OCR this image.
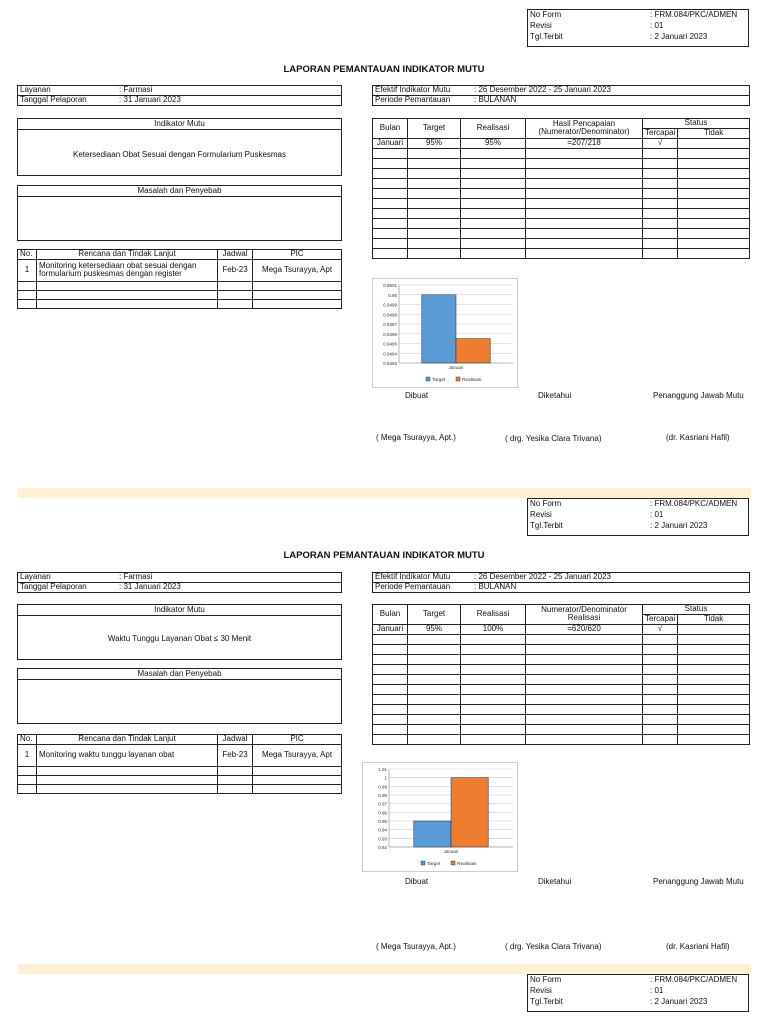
No Form	: FRM.084/PKC/ADMEN
Revisi	: 01
Tgl.Terbit	: 2 Januari 2023
LAPORAN PEMANTAUAN INDIKATOR MUTU
Layanan	: Farmasi
Tanggal Pelaporan	: 31 Januari 2023
Efektif Indikator Mutu	: 26 Desember 2022 - 25 Januari 2023
Periode Pemantauan	: BULANAN
Indikator Mutu
Ketersediaan Obat Sesuai dengan Formularium Puskesmas
Masalah dan Penyebab
No.	Rencana dan Tindak Lanjut	Jadwal	PIC
1	Monitoring ketersediaan obat sesuai dengan formularium puskesmas dengan register	Feb-23	Mega Tsurayya, Apt

Bulan	Target	Realisasi	Hasil Pencapaian (Numerator/Denominator)	Status	
				Tercapai	Tidak
Januari	95%	95%	=207/218	√	

0.9501
0.95
0.9499
0.9498
0.9497
0.9496
0.9495
0.9494
0.9493
Januari
Target	Realisasi
Dibuat	Diketahui	Penanggung Jawab Mutu
( Mega Tsurayya, Apt.)	( drg. Yesika Clara Trivana)	(dr. Kasriani Hafil)
No Form	: FRM.084/PKC/ADMEN
Revisi	: 01
Tgl.Terbit	: 2 Januari 2023
LAPORAN PEMANTAUAN INDIKATOR MUTU
Layanan	: Farmasi
Tanggal Pelaporan	: 31 Januari 2023
Efektif Indikator Mutu	: 26 Desember 2022 - 25 Januari 2023
Periode Pemantauan	: BULANAN
Indikator Mutu
Waktu Tunggu Layanan Obat ≤ 30 Menit
Masalah dan Penyebab
No.	Rencana dan Tindak Lanjut	Jadwal	PIC
1	Monitoring waktu tunggu layanan obat	Feb-23	Mega Tsurayya, Apt

Bulan	Target	Realisasi	Numerator/Denominator Realisasi	Status	
				Tercapai	Tidak
Januari	95%	100%	=620/620	√	

1.01
1
0.99
0.98
0.97
0.96
0.95
0.94
0.93
0.92
Januari
Target	Realisasi
Dibuat	Diketahui	Penanggung Jawab Mutu
( Mega Tsurayya, Apt.)	( drg. Yesika Clara Trivana)	(dr. Kasriani Hafil)
No Form	: FRM.084/PKC/ADMEN
Revisi	: 01
Tgl.Terbit	: 2 Januari 2023
